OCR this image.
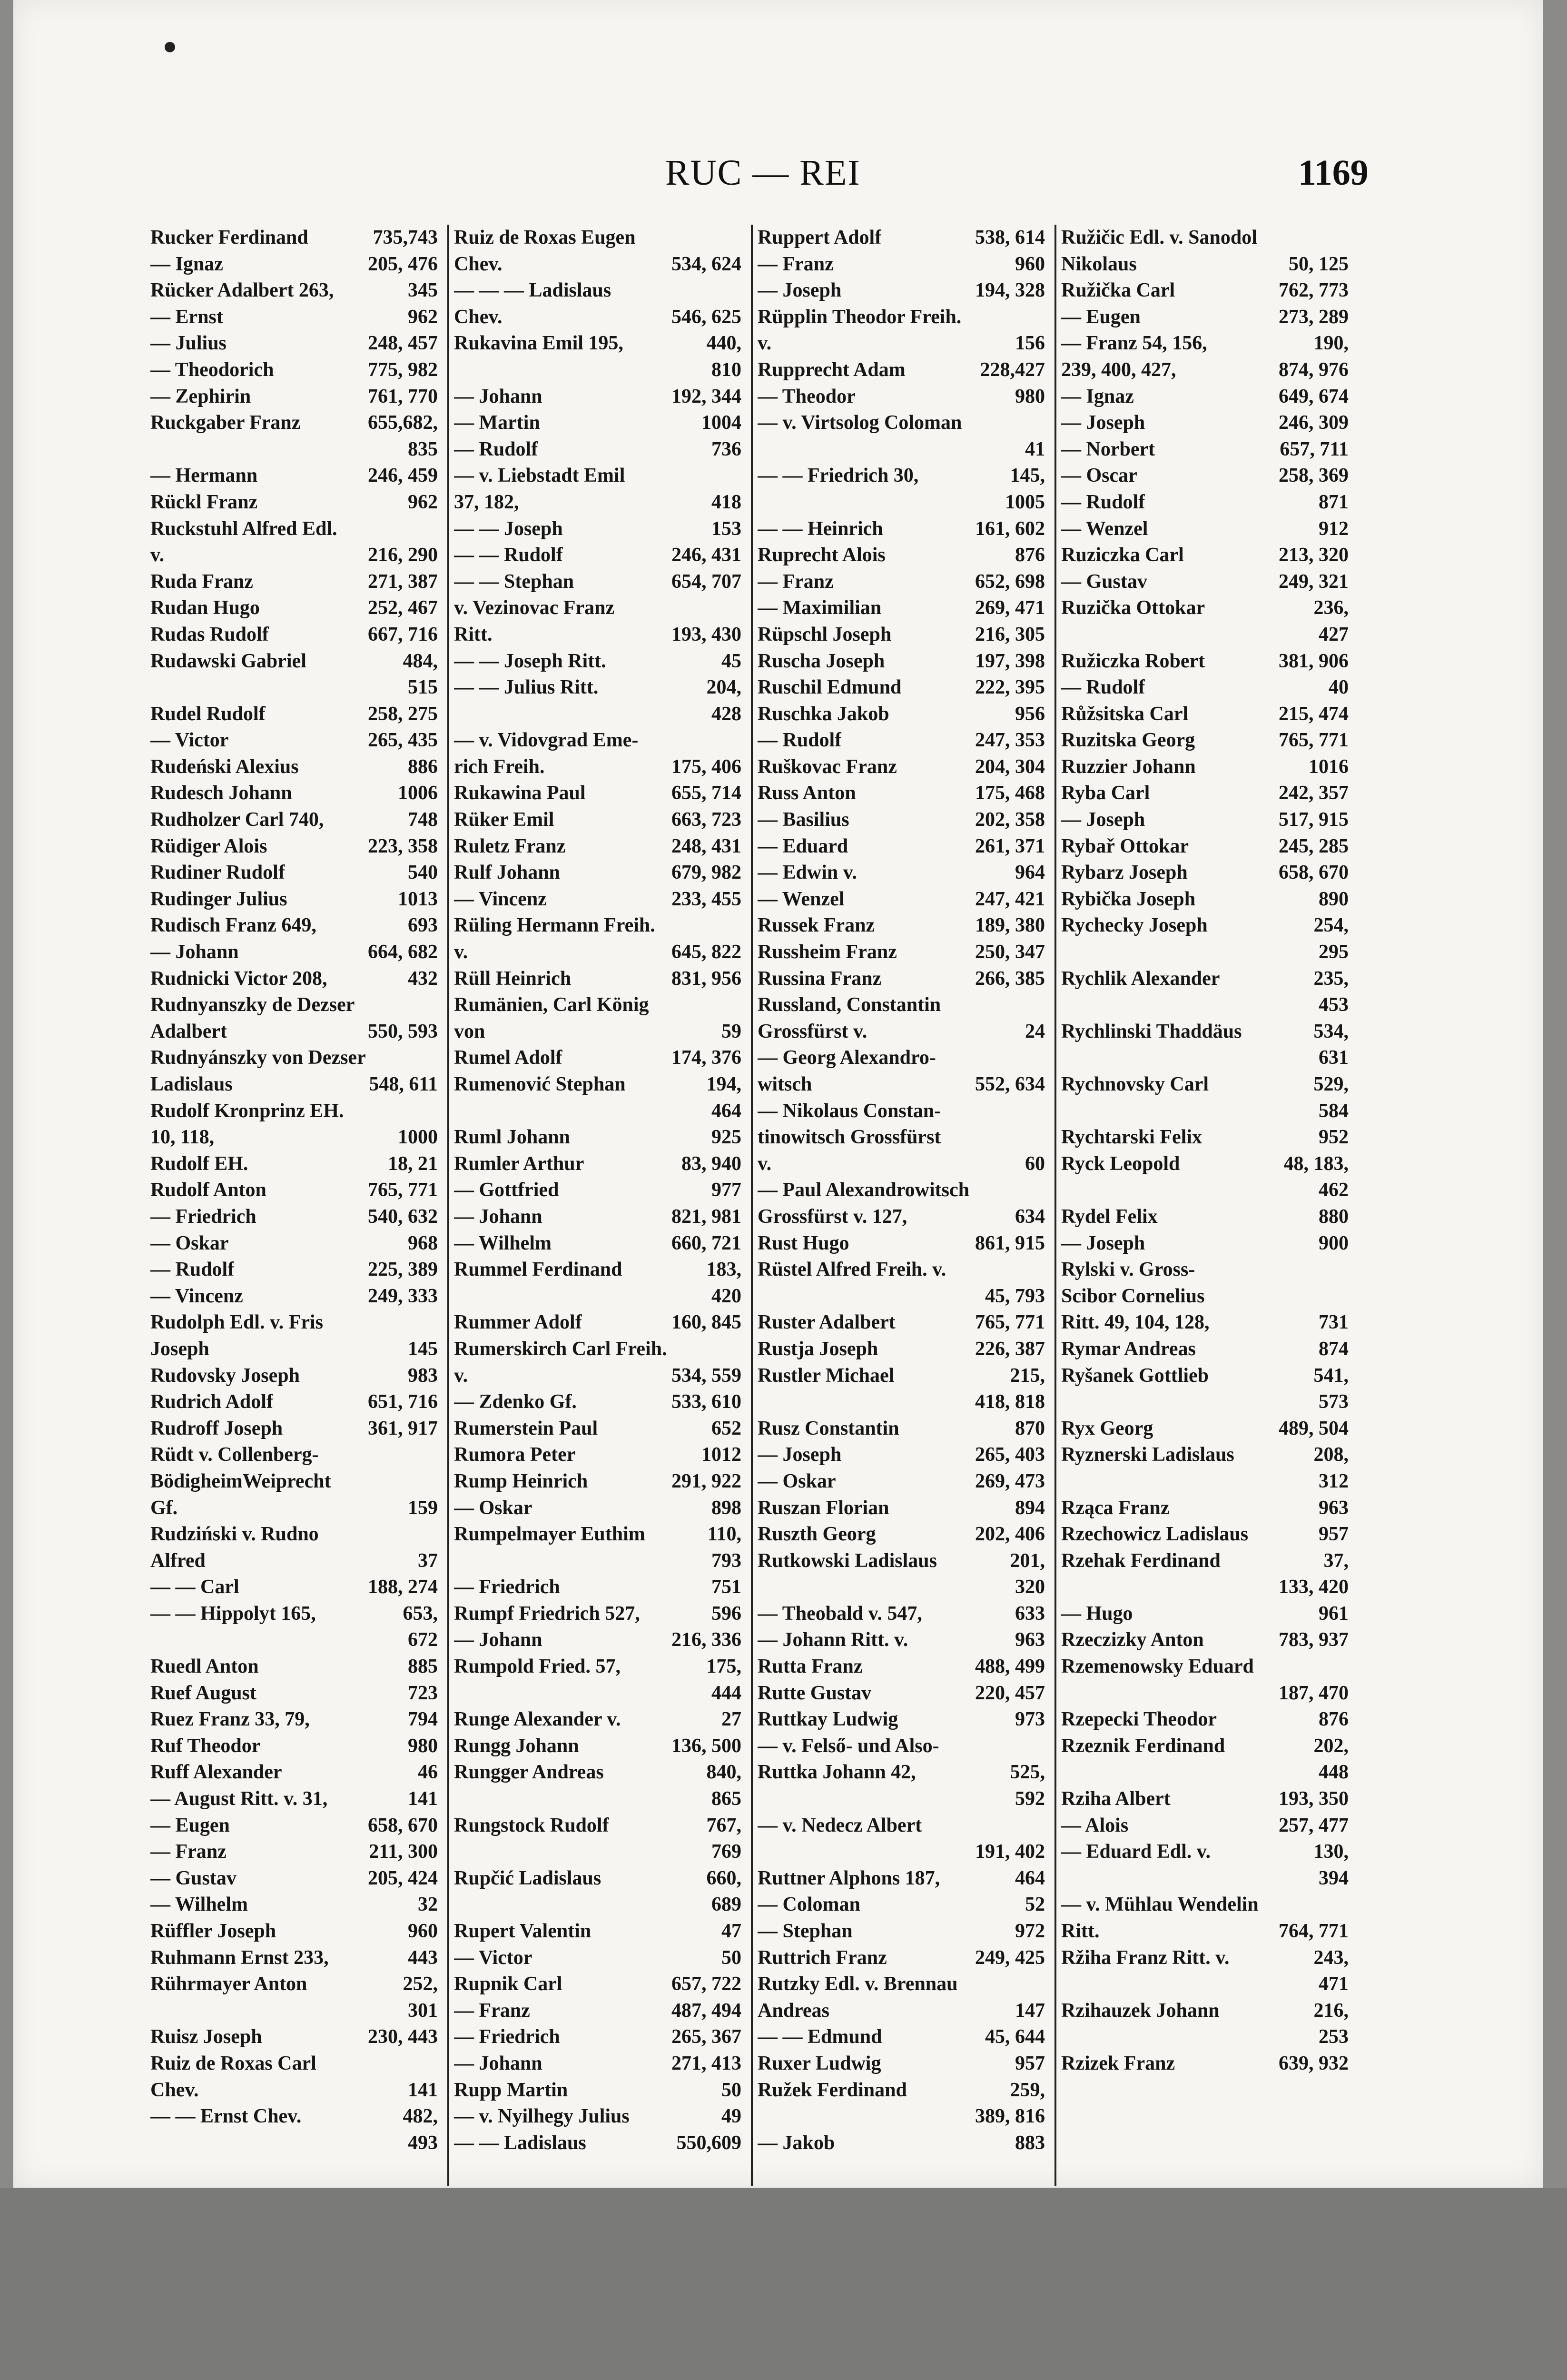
RUC — REI	1169
Rucker Ferdinand	735,743
— Ignaz	205, 476
Rücker Adalbert 263,	345
— Ernst	962
— Julius	248, 457
— Theodorich	775, 982
— Zephirin	761, 770
Ruckgaber Franz	655,682,
835
— Hermann	246, 459
Rückl Franz	962
Ruckstuhl Alfred Edl.
v.	216, 290
Ruda Franz	271, 387
Rudan Hugo	252, 467
Rudas Rudolf	667, 716
Rudawski Gabriel	484,
515
Rudel Rudolf	258, 275
— Victor	265, 435
Rudeński Alexius	886
Rudesch Johann	1006
Rudholzer Carl 740,	748
Rüdiger Alois	223, 358
Rudiner Rudolf	540
Rudinger Julius	1013
Rudisch Franz 649,	693
— Johann	664, 682
Rudnicki Victor 208,	432
Rudnyanszky de Dezser
Adalbert	550, 593
Rudnyánszky von Dezser
Ladislaus	548, 611
Rudolf Kronprinz EH.
10, 118,	1000
Rudolf EH.	18, 21
Rudolf Anton	765, 771
— Friedrich	540, 632
— Oskar	968
— Rudolf	225, 389
— Vincenz	249, 333
Rudolph Edl. v. Fris
Joseph	145
Rudovsky Joseph	983
Rudrich Adolf	651, 716
Rudroff Joseph	361, 917
Rüdt v. Collenberg-
BödigheimWeiprecht
Gf.	159
Rudziński v. Rudno
Alfred	37
— — Carl	188, 274
— — Hippolyt 165,	653,
672
Ruedl Anton	885
Ruef August	723
Ruez Franz 33, 79,	794
Ruf Theodor	980
Ruff Alexander	46
— August Ritt. v. 31,	141
— Eugen	658, 670
— Franz	211, 300
— Gustav	205, 424
— Wilhelm	32
Rüffler Joseph	960
Ruhmann Ernst 233,	443
Rührmayer Anton	252,
301
Ruisz Joseph	230, 443
Ruiz de Roxas Carl
Chev.	141
— — Ernst Chev.	482,
493
Ruiz de Roxas Eugen
Chev.	534, 624
— — — Ladislaus
Chev.	546, 625
Rukavina Emil 195,	440,
810
— Johann	192, 344
— Martin	1004
— Rudolf	736
— v. Liebstadt Emil
37, 182,	418
— — Joseph	153
— — Rudolf	246, 431
— — Stephan	654, 707
v. Vezinovac Franz
Ritt.	193, 430
— — Joseph Ritt.	45
— — Julius Ritt.	204,
428
— v. Vidovgrad Eme-
rich Freih.	175, 406
Rukawina Paul	655, 714
Rüker Emil	663, 723
Ruletz Franz	248, 431
Rulf Johann	679, 982
— Vincenz	233, 455
Rüling Hermann Freih.
v.	645, 822
Rüll Heinrich	831, 956
Rumänien, Carl König
von	59
Rumel Adolf	174, 376
Rumenović Stephan	194,
464
Ruml Johann	925
Rumler Arthur	83, 940
— Gottfried	977
— Johann	821, 981
— Wilhelm	660, 721
Rummel Ferdinand	183,
420
Rummer Adolf	160, 845
Rumerskirch Carl Freih.
v.	534, 559
— Zdenko Gf.	533, 610
Rumerstein Paul	652
Rumora Peter	1012
Rump Heinrich	291, 922
— Oskar	898
Rumpelmayer Euthim	110,
793
— Friedrich	751
Rumpf Friedrich 527,	596
— Johann	216, 336
Rumpold Fried. 57,	175,
444
Runge Alexander v.	27
Rungg Johann	136, 500
Rungger Andreas	840,
865
Rungstock Rudolf	767,
769
Rupčić Ladislaus	660,
689
Rupert Valentin	47
— Victor	50
Rupnik Carl	657, 722
— Franz	487, 494
— Friedrich	265, 367
— Johann	271, 413
Rupp Martin	50
— v. Nyilhegy Julius	49
— — Ladislaus	550,609
Ruppert Adolf	538, 614
— Franz	960
— Joseph	194, 328
Rüpplin Theodor Freih.
v.	156
Rupprecht Adam	228,427
— Theodor	980
— v. Virtsolog Coloman
41
— — Friedrich 30,	145,
1005
— — Heinrich	161, 602
Ruprecht Alois	876
— Franz	652, 698
— Maximilian	269, 471
Rüpschl Joseph	216, 305
Ruscha Joseph	197, 398
Ruschil Edmund	222, 395
Ruschka Jakob	956
— Rudolf	247, 353
Ruškovac Franz	204, 304
Russ Anton	175, 468
— Basilius	202, 358
— Eduard	261, 371
— Edwin v.	964
— Wenzel	247, 421
Russek Franz	189, 380
Russheim Franz	250, 347
Russina Franz	266, 385
Russland, Constantin
Grossfürst v.	24
— Georg Alexandro-
witsch	552, 634
— Nikolaus Constan-
tinowitsch Grossfürst
v.	60
— Paul Alexandrowitsch
Grossfürst v. 127,	634
Rust Hugo	861, 915
Rüstel Alfred Freih. v.
45, 793
Ruster Adalbert	765, 771
Rustja Joseph	226, 387
Rustler Michael	215,
418, 818
Rusz Constantin	870
— Joseph	265, 403
— Oskar	269, 473
Ruszan Florian	894
Ruszth Georg	202, 406
Rutkowski Ladislaus	201,
320
— Theobald v. 547,	633
— Johann Ritt. v.	963
Rutta Franz	488, 499
Rutte Gustav	220, 457
Ruttkay Ludwig	973
— v. Felső- und Also-
Ruttka Johann 42,	525,
592
— v. Nedecz Albert
191, 402
Ruttner Alphons 187,	464
— Coloman	52
— Stephan	972
Ruttrich Franz	249, 425
Rutzky Edl. v. Brennau
Andreas	147
— — Edmund	45, 644
Ruxer Ludwig	957
Ružek Ferdinand	259,
389, 816
— Jakob	883
Ružičic Edl. v. Sanodol
Nikolaus	50, 125
Ružička Carl	762, 773
— Eugen	273, 289
— Franz 54, 156,	190,
239, 400, 427,	874, 976
— Ignaz	649, 674
— Joseph	246, 309
— Norbert	657, 711
— Oscar	258, 369
— Rudolf	871
— Wenzel	912
Ruziczka Carl	213, 320
— Gustav	249, 321
Ruzička Ottokar	236,
427
Ružiczka Robert	381, 906
— Rudolf	40
Růžsitska Carl	215, 474
Ruzitska Georg	765, 771
Ruzzier Johann	1016
Ryba Carl	242, 357
— Joseph	517, 915
Rybař Ottokar	245, 285
Rybarz Joseph	658, 670
Rybička Joseph	890
Rychecky Joseph	254,
295
Rychlik Alexander	235,
453
Rychlinski Thaddäus	534,
631
Rychnovsky Carl	529,
584
Rychtarski Felix	952
Ryck Leopold	48, 183,
462
Rydel Felix	880
— Joseph	900
Rylski v. Gross-
Scibor Cornelius
Ritt. 49, 104, 128,	731
Rymar Andreas	874
Ryšanek Gottlieb	541,
573
Ryx Georg	489, 504
Ryznerski Ladislaus	208,
312
Rząca Franz	963
Rzechowicz Ladislaus	957
Rzehak Ferdinand	37,
133, 420
— Hugo	961
Rzeczizky Anton	783, 937
Rzemenowsky Eduard
187, 470
Rzepecki Theodor	876
Rzeznik Ferdinand	202,
448
Rziha Albert	193, 350
— Alois	257, 477
— Eduard Edl. v.	130,
394
— v. Mühlau Wendelin
Ritt.	764, 771
Ržiha Franz Ritt. v.	243,
471
Rzihauzek Johann	216,
253
Rzizek Franz	639, 932
